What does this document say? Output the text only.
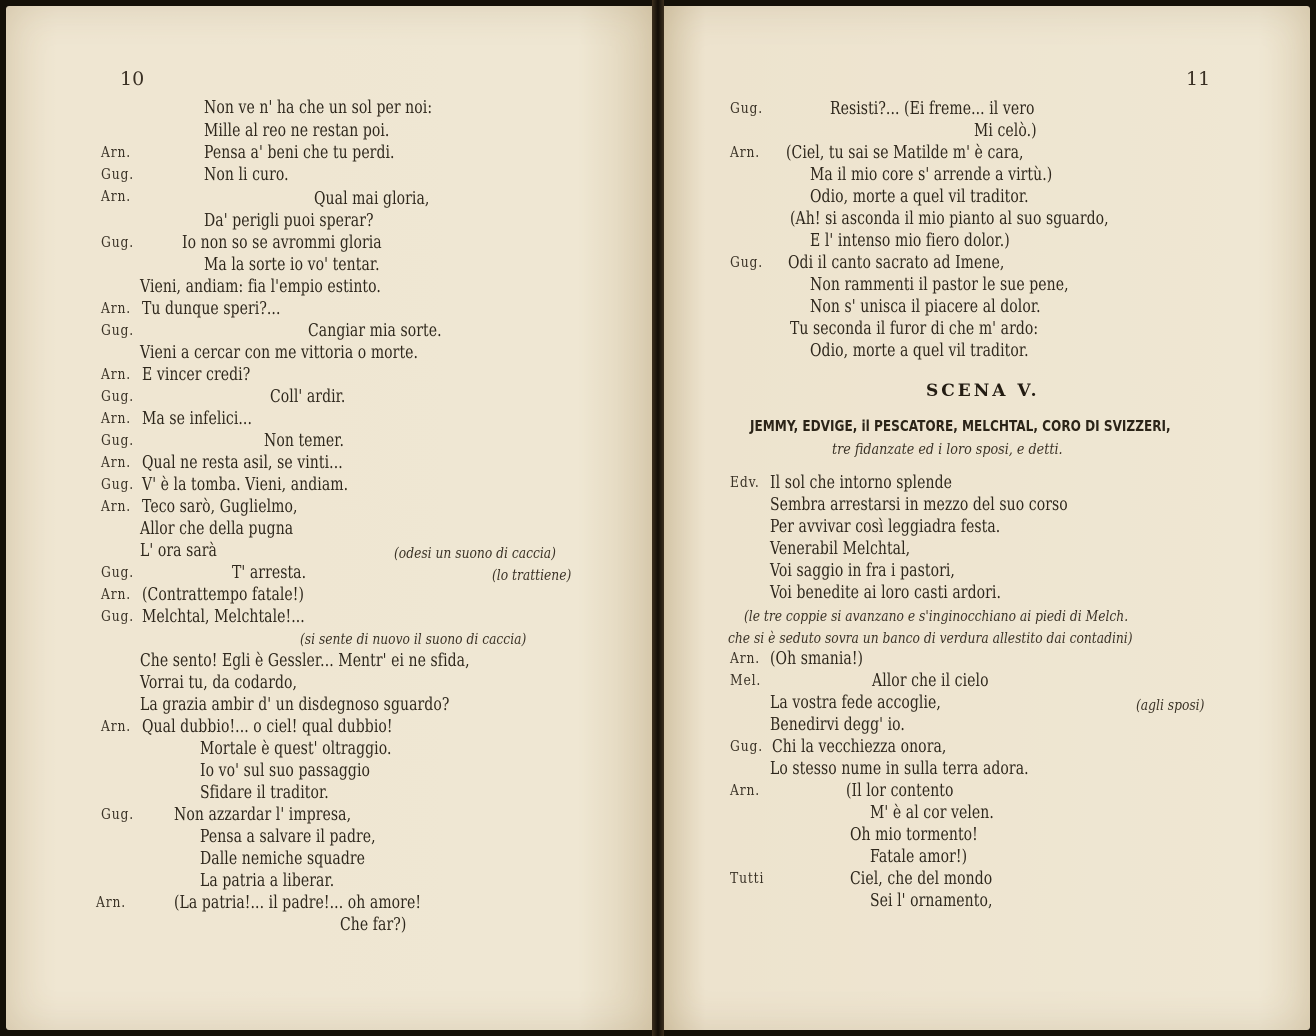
10
Non ve n' ha che un sol per noi:
Mille al reo ne restan poi.
Arn.	Pensa a' beni che tu perdi.
Gug.	Non li curo.
Arn.	Qual mai gloria,
Da' perigli puoi sperar?
Gug.	Io non so se avrommi gloria
Ma la sorte io vo' tentar.
Vieni, andiam: fia l'empio estinto.
Arn. Tu dunque speri?...
Gug.	Cangiar mia sorte.
Vieni a cercar con me vittoria o morte.
Arn. E vincer credi?
Gug.	Coll' ardir.
Arn. Ma se infelici...
Gug.	Non temer.
Arn. Qual ne resta asil, se vinti...
Gug. V' è la tomba. Vieni, andiam.
Arn. Teco sarò, Guglielmo,
Allor che della pugna
L' ora sarà	(odesi un suono di caccia)
Gug.	T' arresta.	(lo trattiene)
Arn. (Contrattempo fatale!)
Gug. Melchtal, Melchtale!...
(si sente di nuovo il suono di caccia)
Che sento! Egli è Gessler... Mentr' ei ne sfida,
Vorrai tu, da codardo,
La grazia ambir d' un disdegnoso sguardo?
Arn. Qual dubbio!... o ciel! qual dubbio!
Mortale è quest' oltraggio.
Io vo' sul suo passaggio
Sfidare il traditor.
Gug. Non azzardar l' impresa,
Pensa a salvare il padre,
Dalle nemiche squadre
La patria a liberar.
Arn.	(La patria!... il padre!... oh amore!
Che far?)
11
Gug.	Resisti?... (Ei freme... il vero
Mi celò.)
Arn. (Ciel, tu sai se Matilde m' è cara,
Ma il mio core s' arrende a virtù.)
Odio, morte a quel vil traditor.
(Ah! si asconda il mio pianto al suo sguardo,
E l' intenso mio fiero dolor.)
Gug. Odi il canto sacrato ad Imene,
Non rammenti il pastor le sue pene,
Non s' unisca il piacere al dolor.
Tu seconda il furor di che m' ardo:
Odio, morte a quel vil traditor.
SCENA V.
JEMMY, EDVIGE, il PESCATORE, MELCHTAL, CORO DI SVIZZERI,
tre fidanzate ed i loro sposi, e detti.
Edv. Il sol che intorno splende
Sembra arrestarsi in mezzo del suo corso
Per avvivar così leggiadra festa.
Venerabil Melchtal,
Voi saggio in fra i pastori,
Voi benedite ai loro casti ardori.
(le tre coppie si avanzano e s'inginocchiano ai piedi di Melch.
che si è seduto sovra un banco di verdura allestito dai contadini)
Arn. (Oh smania!)
Mel.	Allor che il cielo
La vostra fede accoglie,	(agli sposi)
Benedirvi degg' io.
Gug. Chi la vecchiezza onora,
Lo stesso nume in sulla terra adora.
Arn.	(Il lor contento
M' è al cor velen.
Oh mio tormento!
Fatale amor!)
Tutti	Ciel, che del mondo
Sei l' ornamento,
